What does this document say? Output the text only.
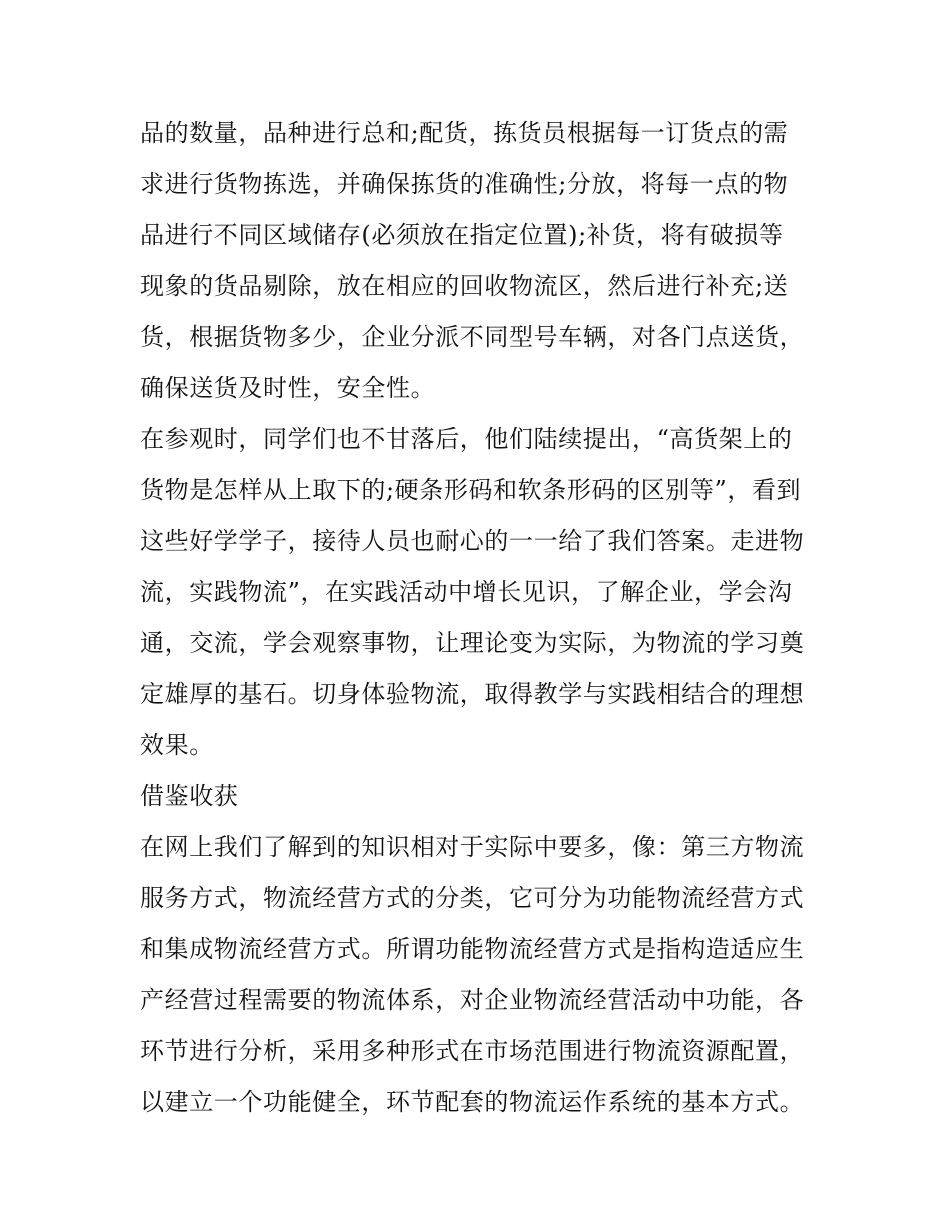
品的数量，品种进行总和;配货，拣货员根据每一订货点的需
求进行货物拣选，并确保拣货的准确性;分放，将每一点的物
品进行不同区域储存(必须放在指定位置);补货，将有破损等
现象的货品剔除，放在相应的回收物流区，然后进行补充;送
货，根据货物多少，企业分派不同型号车辆，对各门点送货，
确保送货及时性，安全性。
在参观时，同学们也不甘落后，他们陆续提出，“高货架上的
货物是怎样从上取下的;硬条形码和软条形码的区别等”，看到
这些好学学子，接待人员也耐心的一一给了我们答案。走进物
流，实践物流”，在实践活动中增长见识，了解企业，学会沟
通，交流，学会观察事物，让理论变为实际，为物流的学习奠
定雄厚的基石。切身体验物流，取得教学与实践相结合的理想
效果。
借鉴收获
在网上我们了解到的知识相对于实际中要多，像：第三方物流
服务方式，物流经营方式的分类，它可分为功能物流经营方式
和集成物流经营方式。所谓功能物流经营方式是指构造适应生
产经营过程需要的物流体系，对企业物流经营活动中功能，各
环节进行分析，采用多种形式在市场范围进行物流资源配置，
以建立一个功能健全，环节配套的物流运作系统的基本方式。
